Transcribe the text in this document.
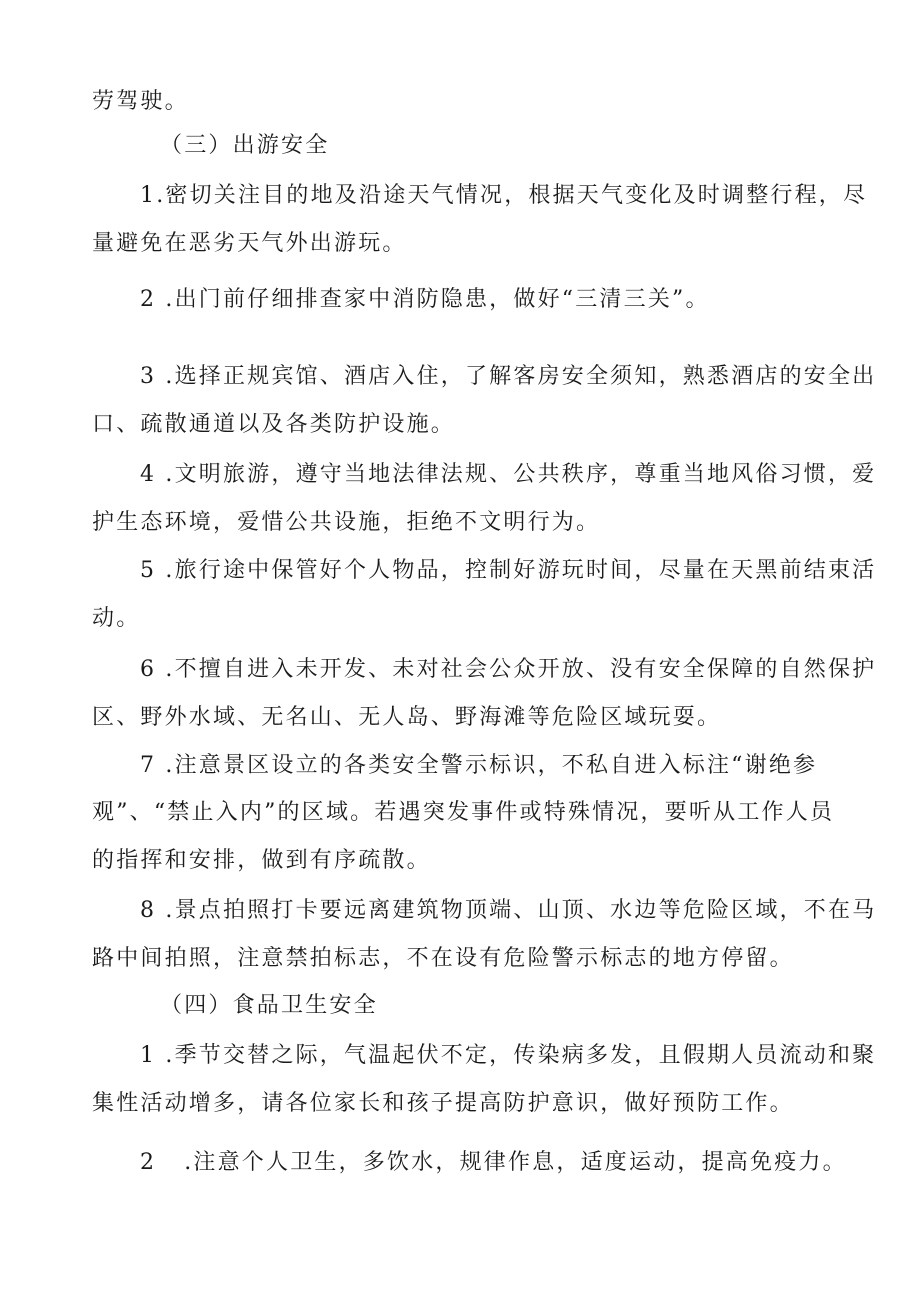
劳驾驶。
（三）出游安全
1.密切关注目的地及沿途天气情况，根据天气变化及时调整行程，尽
量避免在恶劣天气外出游玩。
2 .出门前仔细排查家中消防隐患，做好“三清三关”。
3 .选择正规宾馆、酒店入住，了解客房安全须知，熟悉酒店的安全出
口、疏散通道以及各类防护设施。
4 .文明旅游，遵守当地法律法规、公共秩序，尊重当地风俗习惯，爱
护生态环境，爱惜公共设施，拒绝不文明行为。
5 .旅行途中保管好个人物品，控制好游玩时间，尽量在天黑前结束活
动。
6 .不擅自进入未开发、未对社会公众开放、没有安全保障的自然保护
区、野外水域、无名山、无人岛、野海滩等危险区域玩耍。
7 .注意景区设立的各类安全警示标识，不私自进入标注“谢绝参
观”、“禁止入内”的区域。若遇突发事件或特殊情况，要听从工作人员
的指挥和安排，做到有序疏散。
8 .景点拍照打卡要远离建筑物顶端、山顶、水边等危险区域，不在马
路中间拍照，注意禁拍标志，不在设有危险警示标志的地方停留。
（四）食品卫生安全
1 .季节交替之际，气温起伏不定，传染病多发，且假期人员流动和聚
集性活动增多，请各位家长和孩子提高防护意识，做好预防工作。
2 .注意个人卫生，多饮水，规律作息，适度运动，提高免疫力。
